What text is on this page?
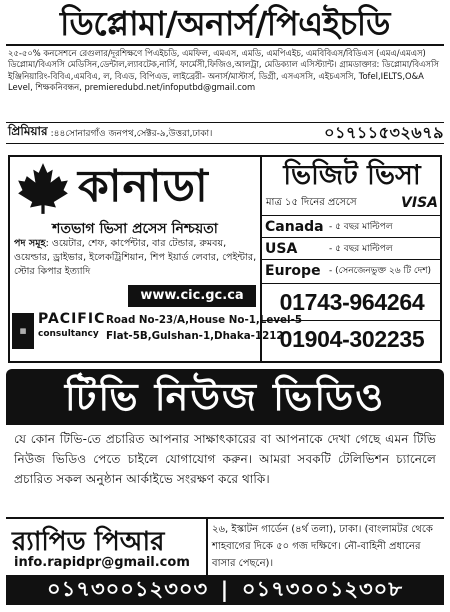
ডিপ্লোমা/অনার্স/পিএইচডি
২৫-৫০% কনসেশনে রেগুলার/দূরশিক্ষণে পিএইচডি, এমফিল, এমএস, এমডি, এমপিএইচ, এমবিবিএস/বিডিএস (এমএ/এমএস) ডিপ্লোমা/বিএসসি মেডিসিন,ডেন্টাল,ল্যাবটেক,নার্সি, ফার্মেসী,ফিজিও,আলট্রা, মেডিক্যাল এসিস্ট্যান্ট। গ্রামডাক্তার: ডিপ্লোমা/বিএসসি ইঞ্জিনিয়ারিং-বিবিএ,এমবিএ, ল, বিএড, বিপিএড, লাইব্রেরী- অনার্স/মাস্টার্স, ডিগ্রী, এসএসসি, এইচএসসি, Tofel,IELTS,O&A Level, শিক্ষকনিবন্ধন, premieredubd.net/infoputbd@gmail.com
প্রিমিয়ার :৪৪সোনারগাঁও জনপথ,সেক্টর-৯,উত্তরা,ঢাকা।	০১৭১১৫৩২৬৭৯
কানাডা
শতভাগ ভিসা প্রসেস নিশ্চয়তা
পদ সমূহ: ওয়েটার, শেফ, কার্পেন্টার, বার টেন্ডার, রুমবয়, ওয়েল্ডার, ড্রাইভার, ইলেকট্রিশিয়ান, শিপ ইয়ার্ড লেবার, পেইন্টার, স্টোর কিপার ইত্যাদি
www.cic.gc.ca
▦
PACIFIC
consultancy
Road No-23/A,House No-1,Level-5
Flat-5B,Gulshan-1,Dhaka-1212
ভিজিট ভিসা
মাত্র ১৫ দিনের প্রসেসে	VISA
Canada - ৫ বছর মাল্টিপল
USA	- ৫ বছর মাল্টিপল
Europe - (সেনজেনভুক্ত ২৬ টি দেশ)
01743-964264
01904-302235
টিভি নিউজ ভিডিও
যে কোন টিভি-তে প্রচারিত আপনার সাক্ষাৎকারের বা আপনাকে দেখা গেছে এমন টিভি নিউজ ভিডিও পেতে চাইলে যোগাযোগ করুন। আমরা সবকটি টেলিভিশন চ্যানেলে প্রচারিত সকল অনুষ্ঠান আর্কাইভে সংরক্ষণ করে থাকি।
র‍্যাপিড পিআর
info.rapidpr@gmail.com
২৬, ইস্কাটন গার্ডেন (৪র্থ তলা), ঢাকা। (বাংলামটর থেকে শাহবাগের দিকে ৫০ গজ দক্ষিণে। নৌ-বাহিনী প্রধানের বাসার পেছনে)।
০১৭৩০০১২৩০৩ | ০১৭৩০০১২৩০৮
